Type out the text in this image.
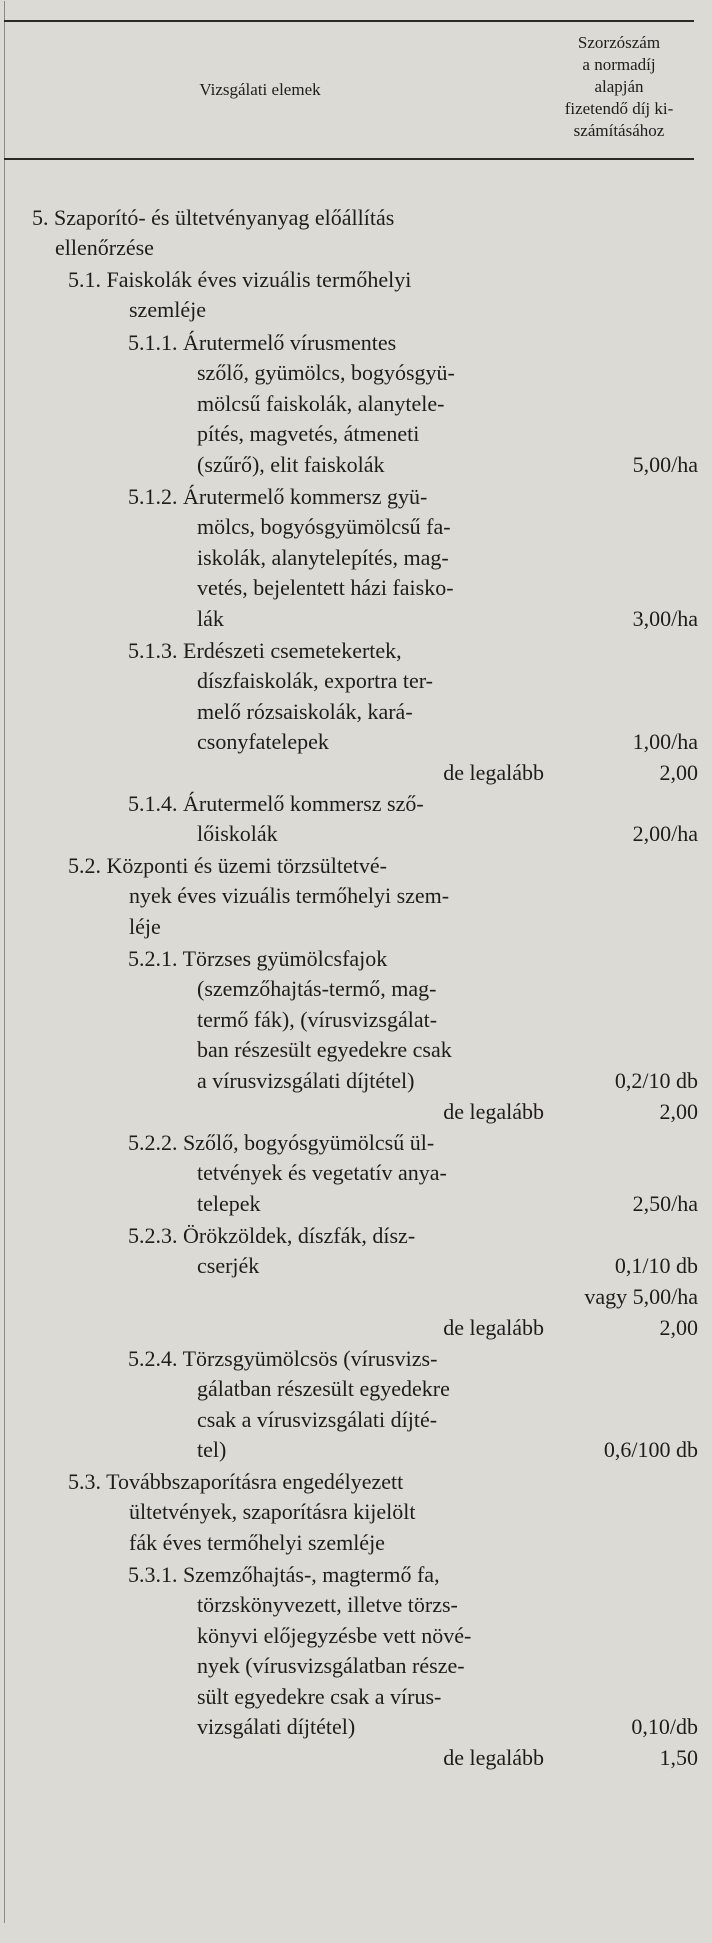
Vizsgálati elemek
Szorzószám
a normadíj
alapján
fizetendő díj ki-
számításához
5. Szaporító- és ültetvényanyag előállítás
ellenőrzése
5.1. Faiskolák éves vizuális termőhelyi
szemléje
5.1.1. Árutermelő vírusmentes
szőlő, gyümölcs, bogyósgyü-
mölcsű faiskolák, alanytele-
pítés, magvetés, átmeneti
(szűrő), elit faiskolák
5.1.2. Árutermelő kommersz gyü-
mölcs, bogyósgyümölcsű fa-
iskolák, alanytelepítés, mag-
vetés, bejelentett házi faisko-
lák
5.1.3. Erdészeti csemetekertek,
díszfaiskolák, exportra ter-
melő rózsaiskolák, kará-
csonyfatelepek
5.1.4. Árutermelő kommersz sző-
lőiskolák
5.2. Központi és üzemi törzsültetvé-
nyek éves vizuális termőhelyi szem-
léje
5.2.1. Törzses gyümölcsfajok
(szemzőhajtás-termő, mag-
termő fák), (vírusvizsgálat-
ban részesült egyedekre csak
a vírusvizsgálati díjtétel)
5.2.2. Szőlő, bogyósgyümölcsű ül-
tetvények és vegetatív anya-
telepek
5.2.3. Örökzöldek, díszfák, dísz-
cserjék
5.2.4. Törzsgyümölcsös (vírusvizs-
gálatban részesült egyedekre
csak a vírusvizsgálati díjté-
tel)
5.3. Továbbszaporításra engedélyezett
ültetvények, szaporításra kijelölt
fák éves termőhelyi szemléje
5.3.1. Szemzőhajtás-, magtermő fa,
törzskönyvezett, illetve törzs-
könyvi előjegyzésbe vett növé-
nyek (vírusvizsgálatban része-
sült egyedekre csak a vírus-
vizsgálati díjtétel)
de legalább
de legalább
de legalább
de legalább
5,00/ha
3,00/ha
1,00/ha
2,00
2,00/ha
0,2/10 db
2,00
2,50/ha
0,1/10 db
vagy 5,00/ha
2,00
0,6/100 db
0,10/db
1,50
